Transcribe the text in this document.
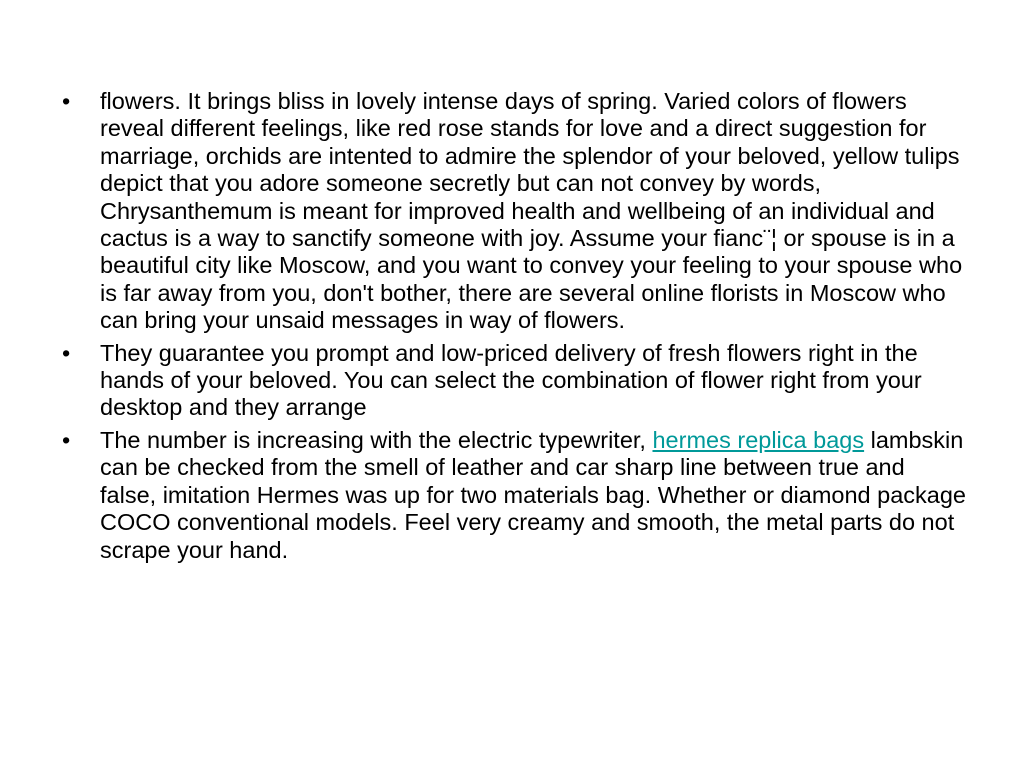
•	flowers. It brings bliss in lovely intense days of spring. Varied colors of flowers reveal different feelings, like red rose stands for love and a direct suggestion for marriage, orchids are intented to admire the splendor of your beloved, yellow tulips depict that you adore someone secretly but can not convey by words, Chrysanthemum is meant for improved health and wellbeing of an individual and cactus is a way to sanctify someone with joy. Assume your fianc¨¦ or spouse is in a beautiful city like Moscow, and you want to convey your feeling to your spouse who is far away from you, don't bother, there are several online florists in Moscow who can bring your unsaid messages in way of flowers.
•	They guarantee you prompt and low-priced delivery of fresh flowers right in the hands of your beloved. You can select the combination of flower right from your desktop and they arrange
•	The number is increasing with the electric typewriter, hermes replica bags lambskin can be checked from the smell of leather and car sharp line between true and false, imitation Hermes was up for two materials bag. Whether or diamond package COCO conventional models. Feel very creamy and smooth, the metal parts do not scrape your hand.
